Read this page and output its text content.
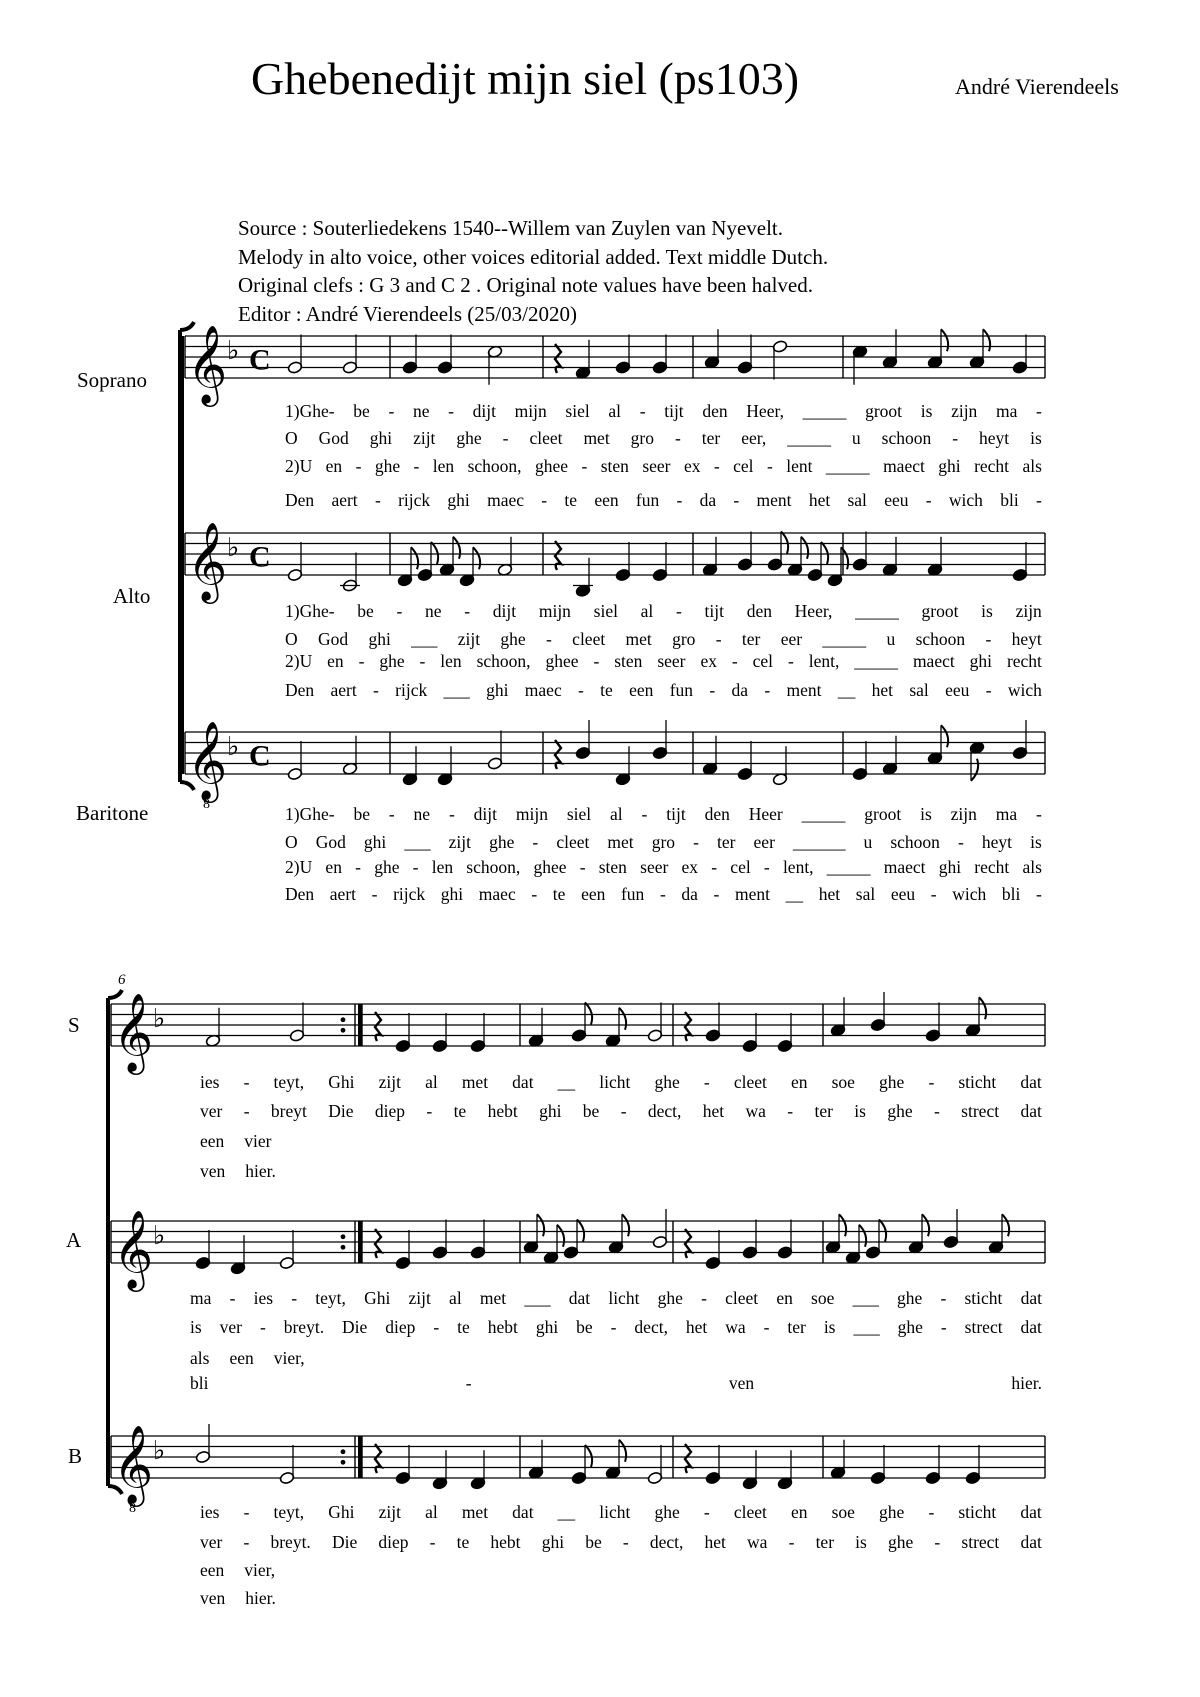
Ghebenedijt mijn siel (ps103)	André Vierendeels
Source : Souterliedekens 1540--Willem van Zuylen van Nyevelt.
Melody in alto voice, other voices editorial added. Text middle Dutch.
Original clefs : G 3 and C 2 . Original note values have been halved.
Editor : André Vierendeels (25/03/2020)
Soprano
Alto
Baritone
S
A
B
6
1)Ghe- be - ne - dijt mijn siel al - tijt den Heer, _____ groot is zijn ma -
O God ghi zijt ghe - cleet met gro - ter eer, _____ u schoon - heyt is
2)U en - ghe - len schoon, ghee - sten seer ex - cel - lent _____ maect ghi recht als
Den aert - rijck ghi maec - te een fun - da - ment het sal eeu - wich bli -
1)Ghe- be - ne - dijt mijn siel al - tijt den Heer, _____ groot is zijn
O God ghi ___ zijt ghe - cleet met gro - ter eer _____ u schoon - heyt
2)U en - ghe - len schoon, ghee - sten seer ex - cel - lent, _____ maect ghi recht
Den aert - rijck ___ ghi maec - te een fun - da - ment __ het sal eeu - wich
1)Ghe- be - ne - dijt mijn siel al - tijt den Heer _____ groot is zijn ma -
O God ghi ___ zijt ghe - cleet met gro - ter eer ______ u schoon - heyt is
2)U en - ghe - len schoon, ghee - sten seer ex - cel - lent, _____ maect ghi recht als
Den aert - rijck ghi maec - te een fun - da - ment __ het sal eeu - wich bli -
ies - teyt, Ghi zijt al met dat __ licht ghe - cleet en soe ghe - sticht dat
ver - breyt Die diep - te hebt ghi be - dect, het wa - ter is ghe - strect dat
een vier
ven hier.
ma - ies - teyt, Ghi zijt al met ___ dat licht ghe - cleet en soe ___ ghe - sticht dat
is ver - breyt. Die diep - te hebt ghi be - dect, het wa - ter is ___ ghe - strect dat
als een vier,
bli	-	ven	hier.
ies - teyt, Ghi zijt al met dat __ licht ghe - cleet en soe ghe - sticht dat
ver - breyt. Die diep - te hebt ghi be - dect, het wa - ter is ghe - strect dat
een vier,
ven hier.
𝄞 ♭ C
𝄞 ♭ C
𝄞
8
♭ C
𝄞 ♭
𝄞 ♭
𝄞
8
♭
